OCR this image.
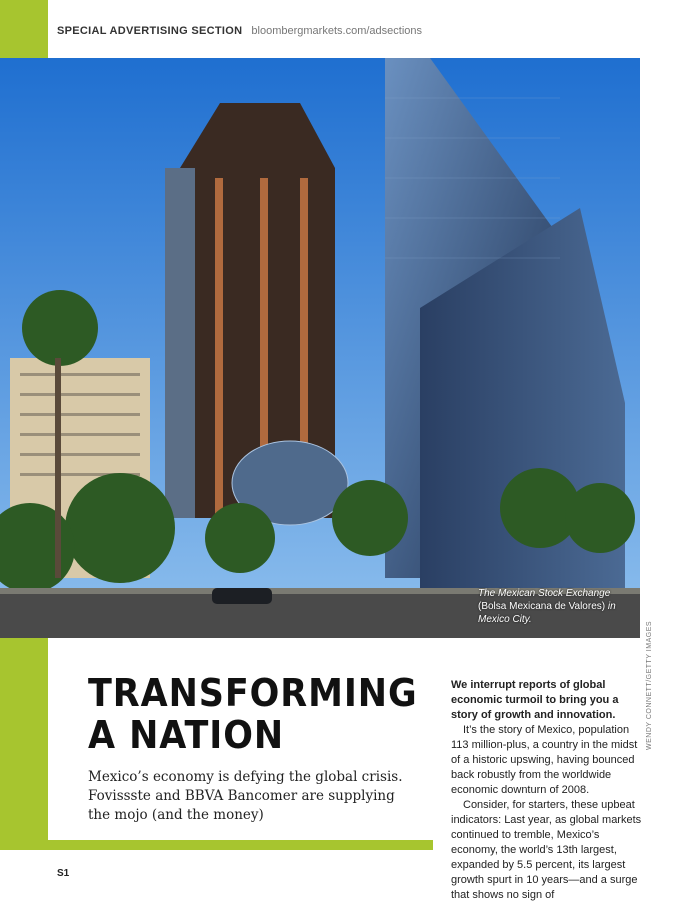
SPECIAL ADVERTISING SECTION bloombergmarkets.com/adsections
The Mexican Stock Exchange (Bolsa Mexicana de Valores) in Mexico City.
TRANSFORMING
A NATION
Mexico’s economy is defying the global crisis. Fovissste and BBVA Bancomer are supplying the mojo (and the money)

We interrupt reports of global economic turmoil to bring you a story of growth and innovation.

It’s the story of Mexico, population 113 million-plus, a country in the midst of a historic upswing, having bounced back robustly from the worldwide economic downturn of 2008.

Consider, for starters, these upbeat indicators: Last year, as global markets continued to tremble, Mexico’s economy, the world’s 13th largest, expanded by 5.5 percent, its largest growth spurt in 10 years—and a surge that shows no sign of

WENDY CONNETT/GETTY IMAGES
S1
